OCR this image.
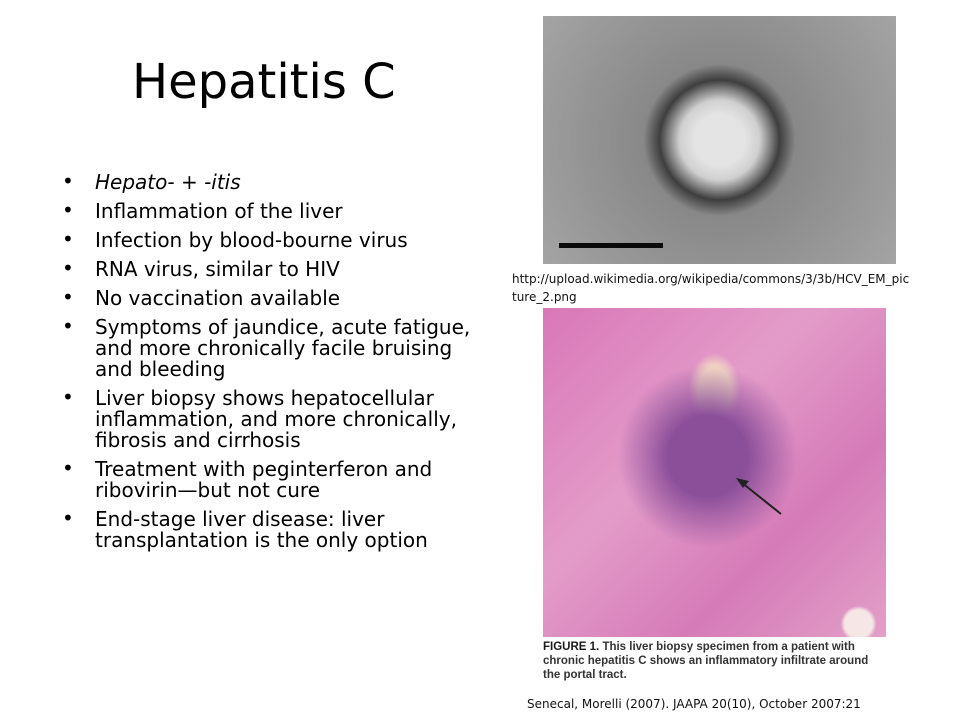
Hepatitis C
• Hepato- + -itis
• Inflammation of the liver
• Infection by blood-bourne virus
• RNA virus, similar to HIV
• No vaccination available
• Symptoms of jaundice, acute fatigue, and more chronically facile bruising and bleeding
• Liver biopsy shows hepatocellular inflammation, and more chronically, fibrosis and cirrhosis
• Treatment with peginterferon and ribovirin—but not cure
• End-stage liver disease: liver transplantation is the only option
http://upload.wikimedia.org/wikipedia/commons/3/3b/HCV_EM_picture_2.png
FIGURE 1. This liver biopsy specimen from a patient with chronic hepatitis C shows an inflammatory infiltrate around the portal tract.
Senecal, Morelli (2007). JAAPA 20(10), October 2007:21
